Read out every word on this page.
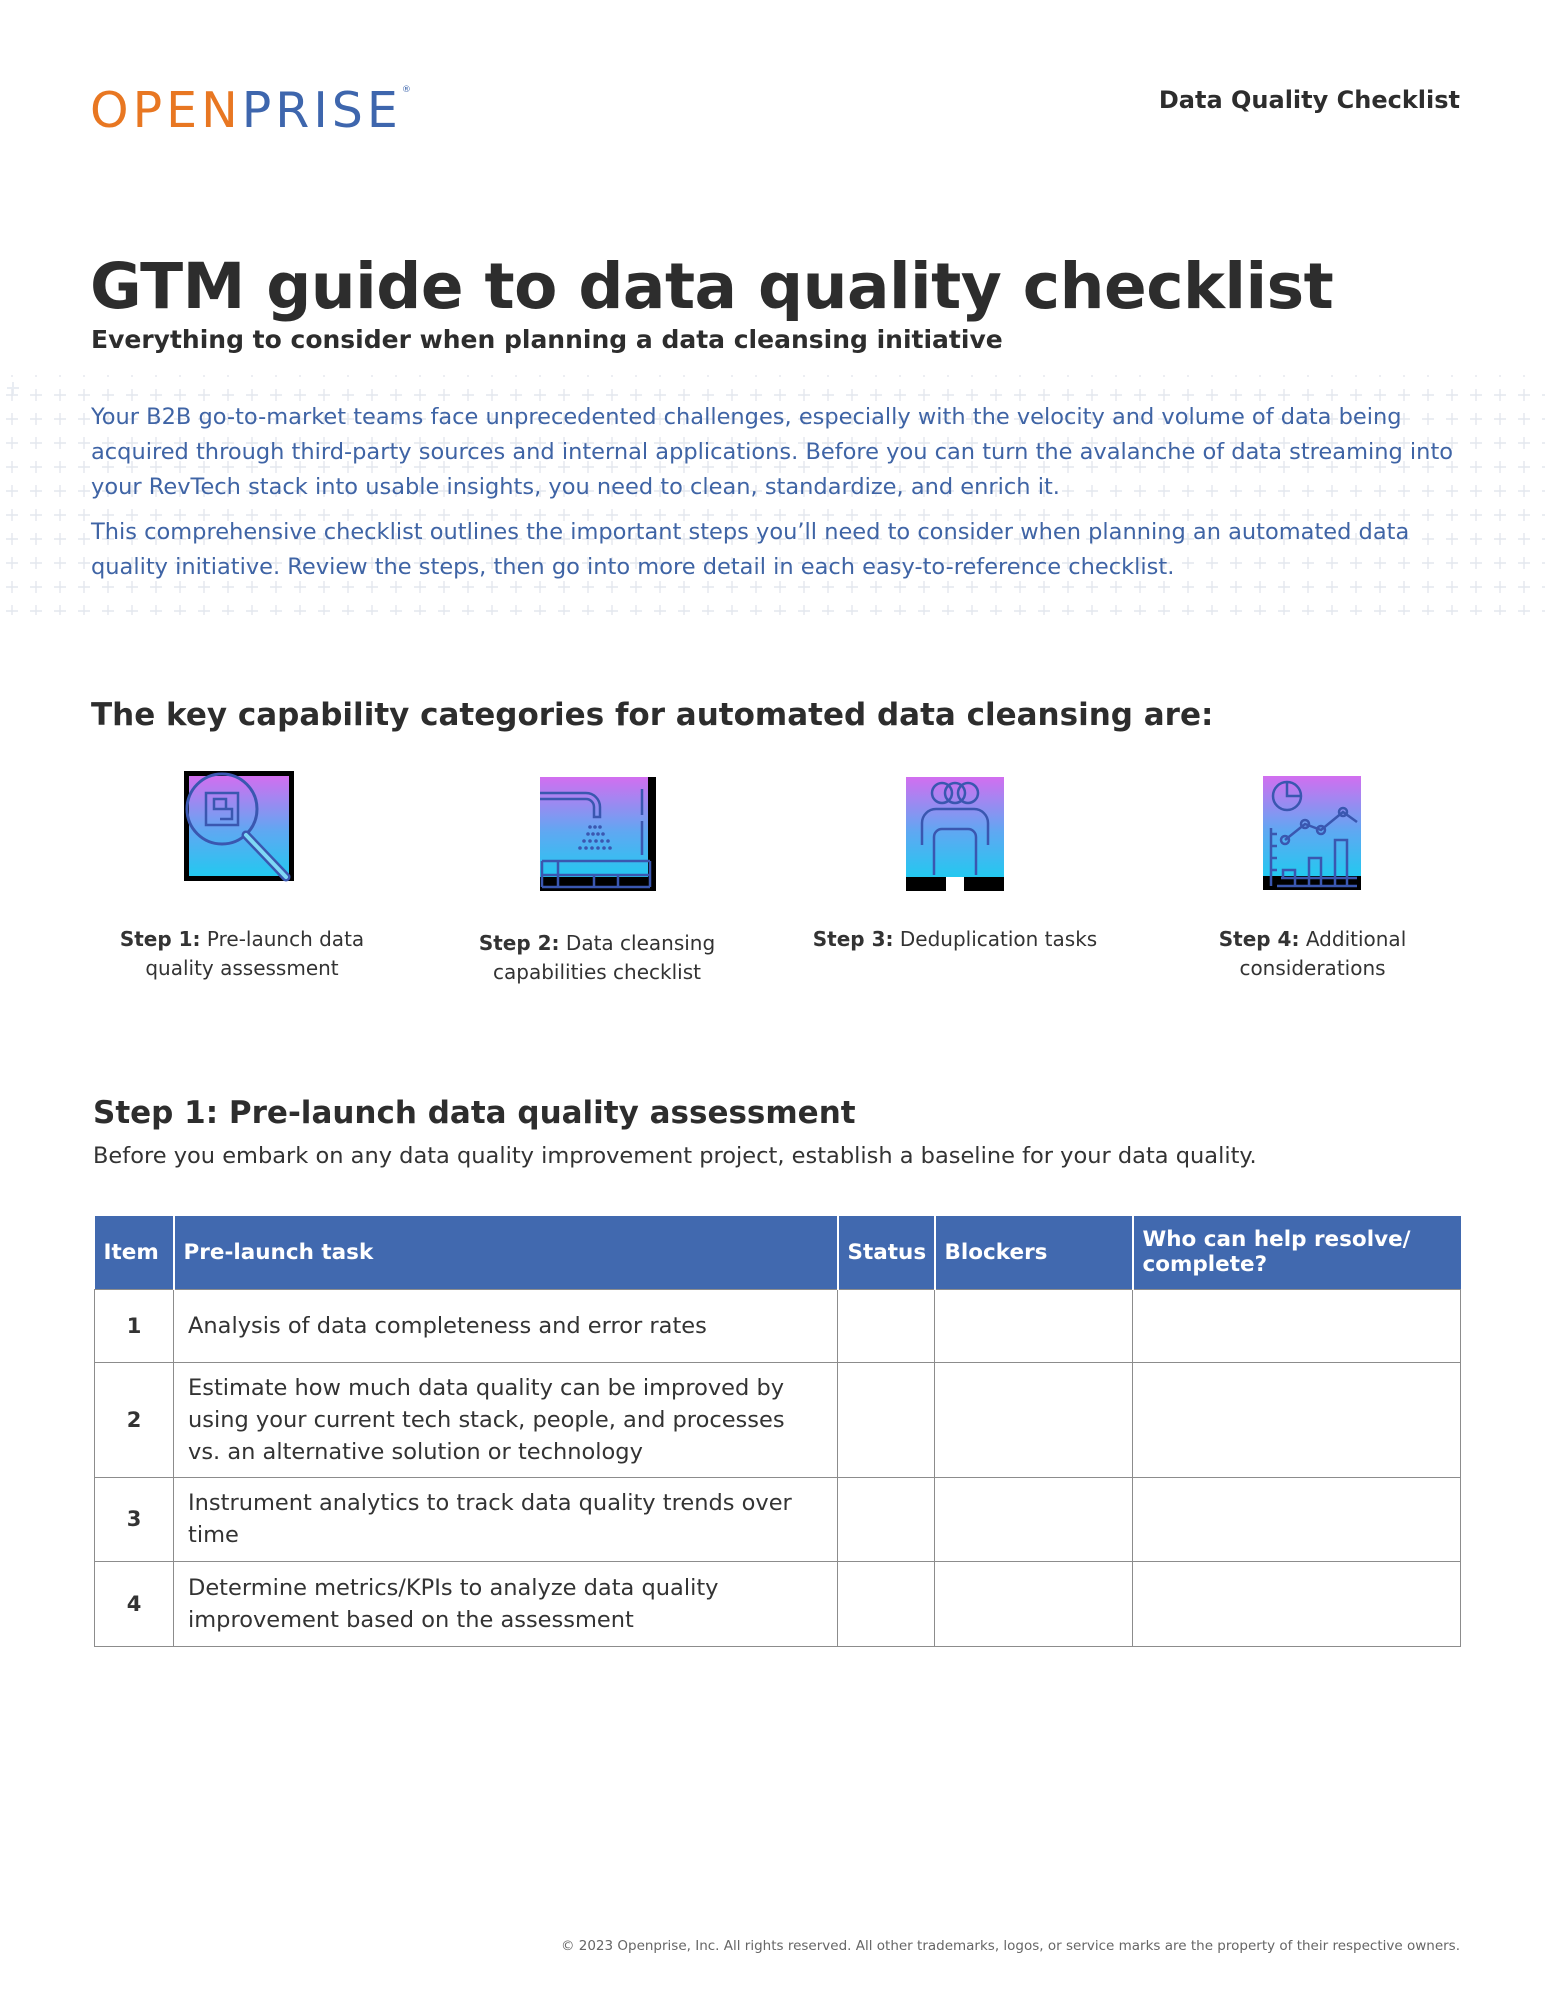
OPENPRISE®	Data Quality Checklist
GTM guide to data quality checklist
Everything to consider when planning a data cleansing initiative

Your B2B go-to-market teams face unprecedented challenges, especially with the velocity and volume of data being acquired through third-party sources and internal applications. Before you can turn the avalanche of data streaming into your RevTech stack into usable insights, you need to clean, standardize, and enrich it.

This comprehensive checklist outlines the important steps you’ll need to consider when planning an automated data quality initiative. Review the steps, then go into more detail in each easy-to-reference checklist.

The key capability categories for automated data cleansing are:
Step 1: Pre-launch data quality assessment
Step 2: Data cleansing capabilities checklist
Step 3: Deduplication tasks	Step 4: Additional considerations
Step 1: Pre-launch data quality assessment

Before you embark on any data quality improvement project, establish a baseline for your data quality.

Item	Pre-launch task	Status	Blockers	Who can help resolve/ complete?
1	Analysis of data completeness and error rates			
2	Estimate how much data quality can be improved by using your current tech stack, people, and processes vs. an alternative solution or technology			
3	Instrument analytics to track data quality trends over time			
4	Determine metrics/KPIs to analyze data quality improvement based on the assessment			
© 2023 Openprise, Inc. All rights reserved. All other trademarks, logos, or service marks are the property of their respective owners.
